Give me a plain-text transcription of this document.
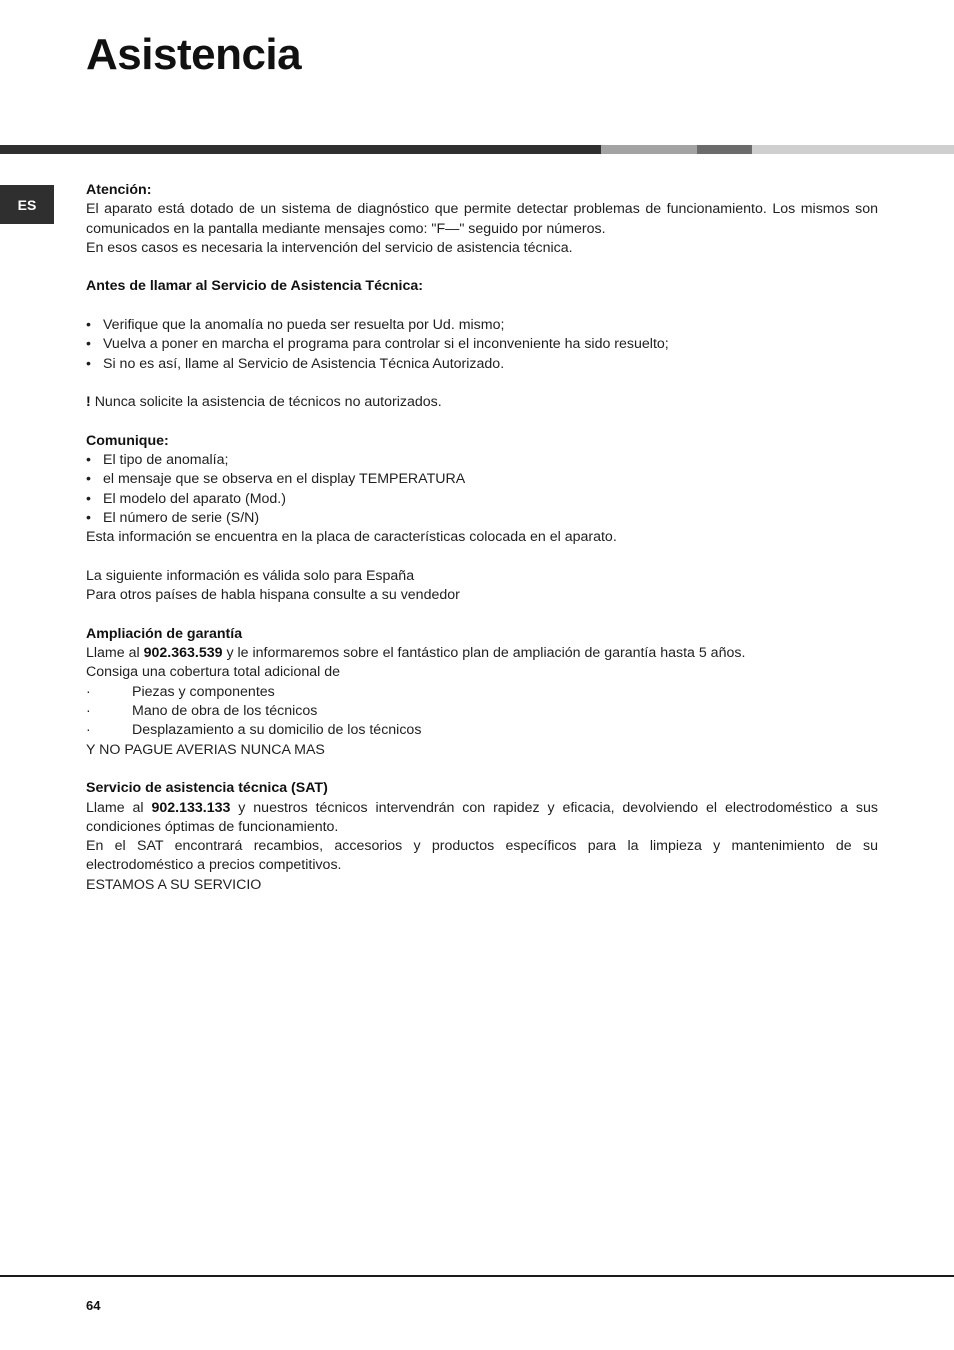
Asistencia
ES

Atención:

El aparato está dotado de un sistema de diagnóstico que permite detectar problemas de funcionamiento. Los mismos son comunicados en la pantalla mediante mensajes como: "F—" seguido por números.

En esos casos es necesaria la intervención del servicio de asistencia técnica.

Antes de llamar al Servicio de Asistencia Técnica:

• Verifique que la anomalía no pueda ser resuelta por Ud. mismo;
• Vuelva a poner en marcha el programa para controlar si el inconveniente ha sido resuelto;
• Si no es así, llame al Servicio de Asistencia Técnica Autorizado.

! Nunca solicite la asistencia de técnicos no autorizados.

Comunique:

• El tipo de anomalía;
• el mensaje que se observa en el display TEMPERATURA
• El modelo del aparato (Mod.)
• El número de serie (S/N)

Esta información se encuentra en la placa de características colocada en el aparato.

La siguiente información es válida solo para España

Para otros países de habla hispana consulte a su vendedor

Ampliación de garantía

Llame al 902.363.539 y le informaremos sobre el fantástico plan de ampliación de garantía hasta 5 años.

Consiga una cobertura total adicional de

· Piezas y componentes
· Mano de obra de los técnicos
· Desplazamiento a su domicilio de los técnicos

Y NO PAGUE AVERIAS NUNCA MAS

Servicio de asistencia técnica (SAT)

Llame al 902.133.133 y nuestros técnicos intervendrán con rapidez y eficacia, devolviendo el electrodoméstico a sus condiciones óptimas de funcionamiento.

En el SAT encontrará recambios, accesorios y productos específicos para la limpieza y mantenimiento de su electrodoméstico a precios competitivos.

ESTAMOS A SU SERVICIO

64
